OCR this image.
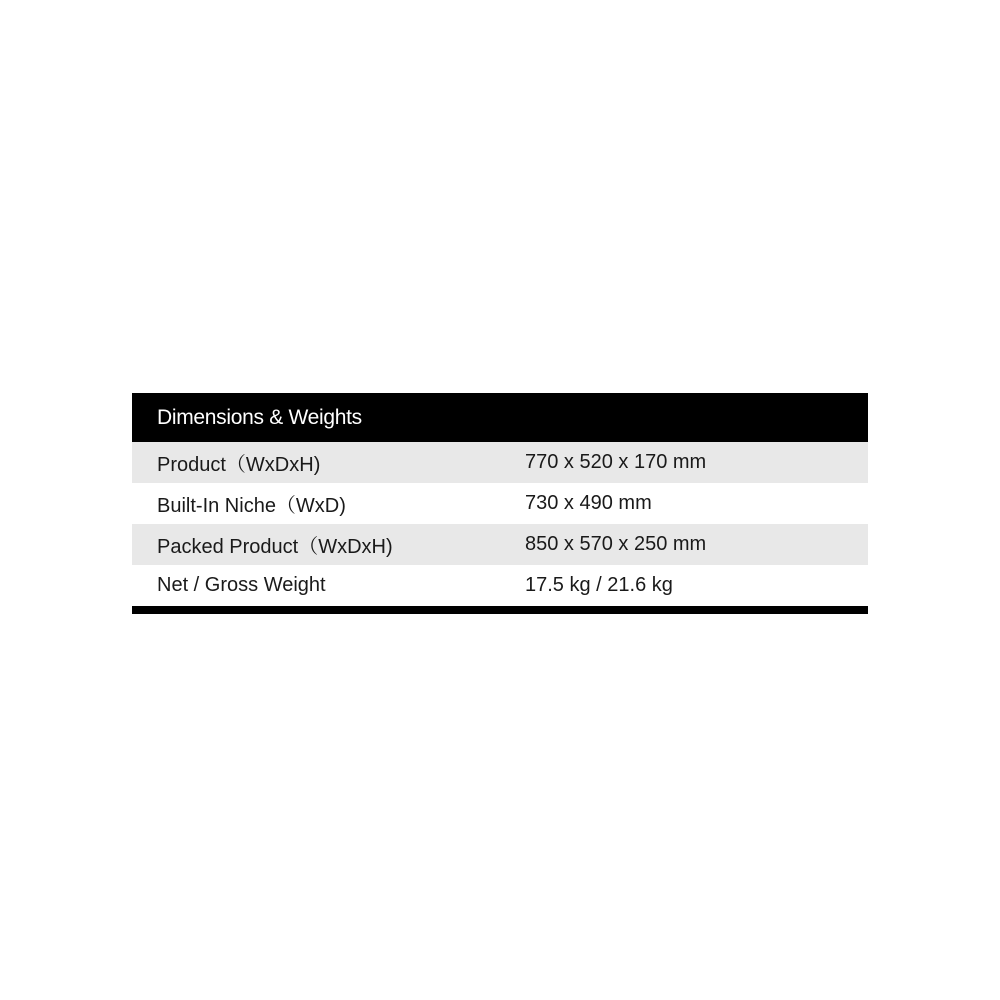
Dimensions & Weights
Product（WxDxH)	770 x 520 x 170 mm
Built-In Niche（WxD)	730 x 490 mm
Packed Product（WxDxH)	850 x 570 x 250 mm
Net / Gross Weight	17.5 kg / 21.6 kg
